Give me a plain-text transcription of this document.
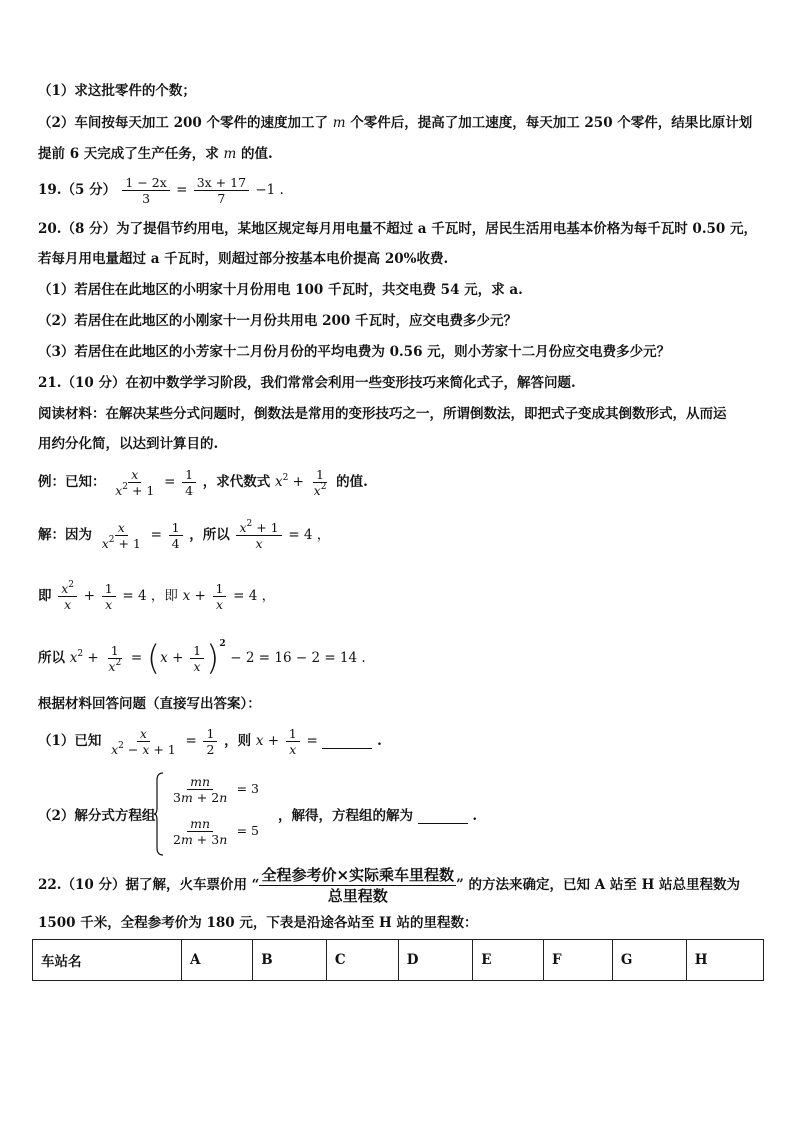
（1）求这批零件的个数；
（2）车间按每天加工 200 个零件的速度加工了 m 个零件后，提高了加工速度，每天加工 250 个零件，结果比原计划
提前 6 天完成了生产任务，求 m 的值.
19.（5 分） $\frac{1 - 2x}{3} = \frac{3x + 17}{7} -1$ .
20.（8 分）为了提倡节约用电，某地区规定每月用电量不超过 a 千瓦时，居民生活用电基本价格为每千瓦时 0.50 元，
若每月用电量超过 a 千瓦时，则超过部分按基本电价提高 20%收费.
（1）若居住在此地区的小明家十月份用电 100 千瓦时，共交电费 54 元，求 a.
（2）若居住在此地区的小刚家十一月份共用电 200 千瓦时，应交电费多少元？
（3）若居住在此地区的小芳家十二月份月份的平均电费为 0.56 元，则小芳家十二月份应交电费多少元？
21.（10 分）在初中数学学习阶段，我们常常会利用一些变形技巧来简化式子，解答问题.
阅读材料：在解决某些分式问题时，倒数法是常用的变形技巧之一，所谓倒数法，即把式子变成其倒数形式，从而运
用约分化简，以达到计算目的.
例：已知： $\frac{x}{x^2 + 1} = \frac{1}{4}$ ，求代数式 $x^2 + \frac{1}{x^2}$ 的值.
解：因为 $\frac{x}{x^2 + 1} = \frac{1}{4}$ ，所以 $\frac{x^2 + 1}{x} = 4$ ，
即 $\frac{x^2}{x} + \frac{1}{x} = 4$ ，即 $x + \frac{1}{x} = 4$ ，
所以 $x^2 + \frac{1}{x^2} = (x + \frac{1}{x} )^2 - 2 = 16 - 2 = 14$ .
根据材料回答问题（直接写出答案）：
（1）已知 $\frac{x}{x^2 - x + 1} = \frac{1}{2}$ ，则 $x + \frac{1}{x}$ =	.
（2）解分式方程组
$\frac{mn}{3m + 2n} = 3$
$\frac{mn}{2m + 3n} = 5$
，解得，方程组的解为	.
22.（10 分）据了解，火车票价用 “
全程参考价×实际乘车里程数
总里程数
” 的方法来确定，已知 A 站至 H 站总里程数为
1500 千米，全程参考价为 180 元，下表是沿途各站至 H 站的里程数：
车站名	A	B	C	D	E	F	G	H
